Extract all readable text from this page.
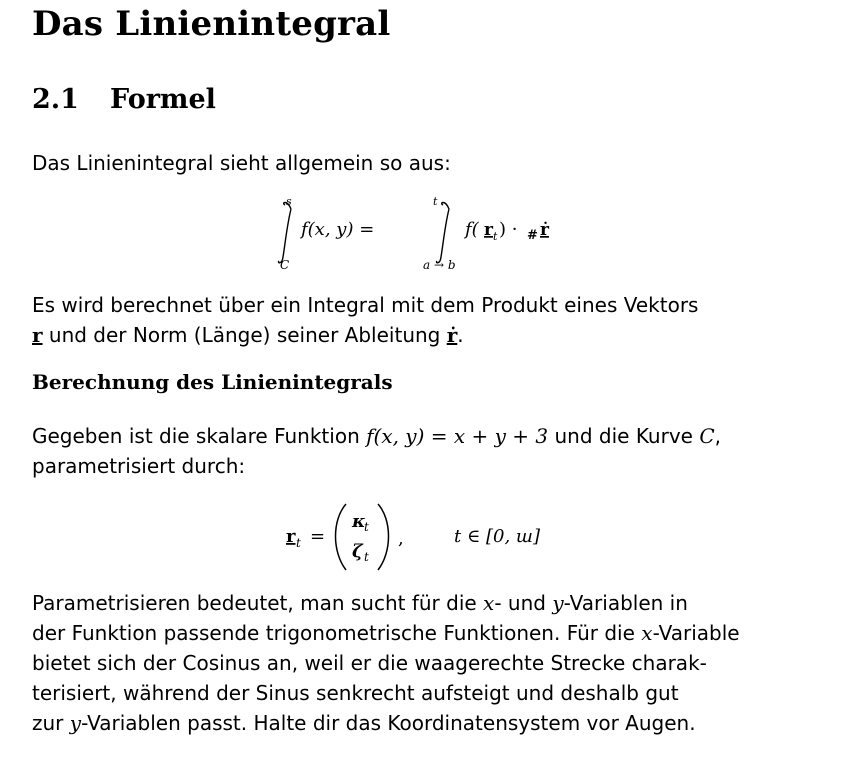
Das Linienintegral
2.1 Formel

Das Linienintegral sieht allgemein so aus:

s
C
f(x, y) =
t
a → b
f( r t ) · # ṙ

Es wird berechnet über ein Integral mit dem Produkt eines Vektors

r und der Norm (Länge) seiner Ableitung ṙ.

Berechnung des Linienintegrals

Gegeben ist die skalare Funktion f(x, y) = x + y + 3 und die Kurve C,

parametrisiert durch:

r t =
κ
t
ζ t
,	t ∈ [0, ш]

Parametrisieren bedeutet, man sucht für die x- und y-Variablen in

der Funktion passende trigonometrische Funktionen. Für die x-Variable

bietet sich der Cosinus an, weil er die waagerechte Strecke charak-

terisiert, während der Sinus senkrecht aufsteigt und deshalb gut

zur y-Variablen passt. Halte dir das Koordinatensystem vor Augen.
